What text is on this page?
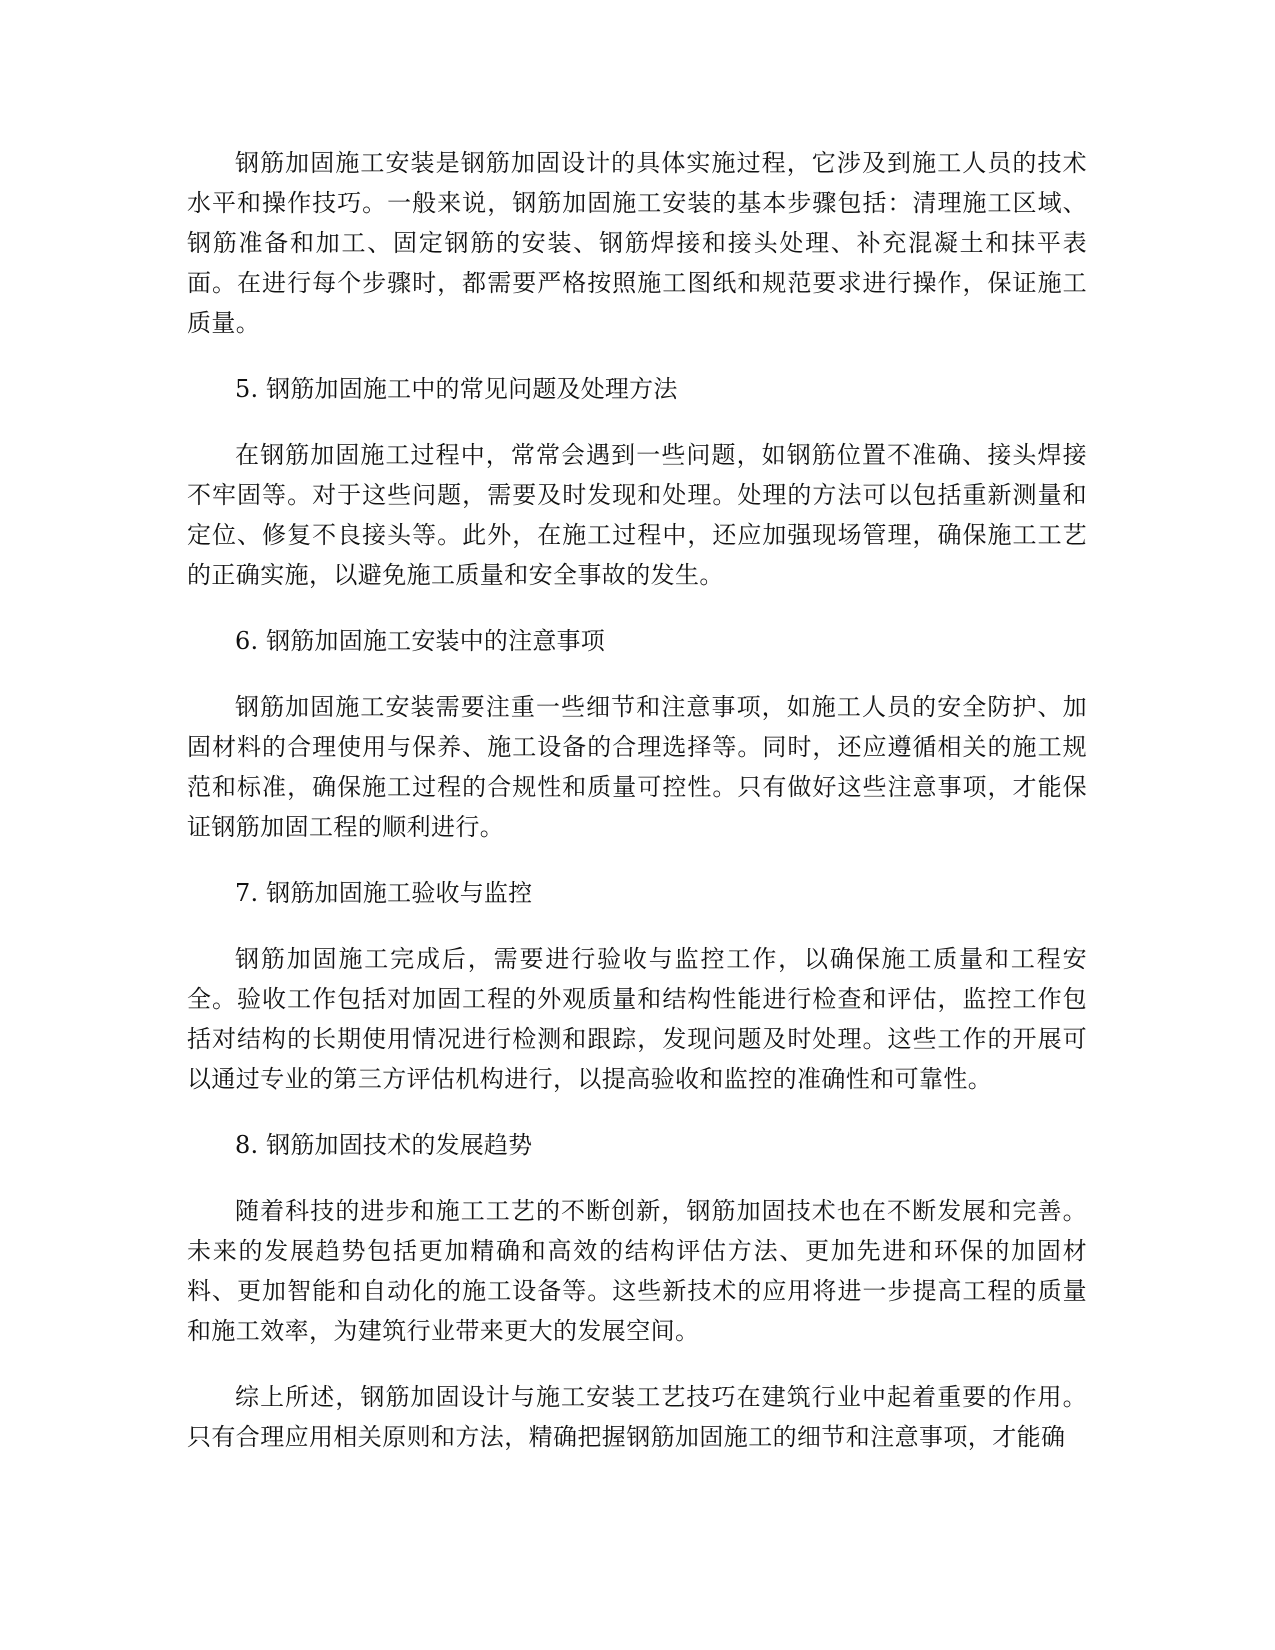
钢筋加固施工安装是钢筋加固设计的具体实施过程，它涉及到施工人员的技术水平和操作技巧。一般来说，钢筋加固施工安装的基本步骤包括：清理施工区域、钢筋准备和加工、固定钢筋的安装、钢筋焊接和接头处理、补充混凝土和抹平表面。在进行每个步骤时，都需要严格按照施工图纸和规范要求进行操作，保证施工质量。

5. 钢筋加固施工中的常见问题及处理方法

在钢筋加固施工过程中，常常会遇到一些问题，如钢筋位置不准确、接头焊接不牢固等。对于这些问题，需要及时发现和处理。处理的方法可以包括重新测量和定位、修复不良接头等。此外，在施工过程中，还应加强现场管理，确保施工工艺的正确实施，以避免施工质量和安全事故的发生。

6. 钢筋加固施工安装中的注意事项

钢筋加固施工安装需要注重一些细节和注意事项，如施工人员的安全防护、加固材料的合理使用与保养、施工设备的合理选择等。同时，还应遵循相关的施工规范和标准，确保施工过程的合规性和质量可控性。只有做好这些注意事项，才能保证钢筋加固工程的顺利进行。

7. 钢筋加固施工验收与监控

钢筋加固施工完成后，需要进行验收与监控工作，以确保施工质量和工程安全。验收工作包括对加固工程的外观质量和结构性能进行检查和评估，监控工作包括对结构的长期使用情况进行检测和跟踪，发现问题及时处理。这些工作的开展可以通过专业的第三方评估机构进行，以提高验收和监控的准确性和可靠性。

8. 钢筋加固技术的发展趋势

随着科技的进步和施工工艺的不断创新，钢筋加固技术也在不断发展和完善。未来的发展趋势包括更加精确和高效的结构评估方法、更加先进和环保的加固材料、更加智能和自动化的施工设备等。这些新技术的应用将进一步提高工程的质量和施工效率，为建筑行业带来更大的发展空间。

综上所述，钢筋加固设计与施工安装工艺技巧在建筑行业中起着重要的作用。只有合理应用相关原则和方法，精确把握钢筋加固施工的细节和注意事项，才能确
